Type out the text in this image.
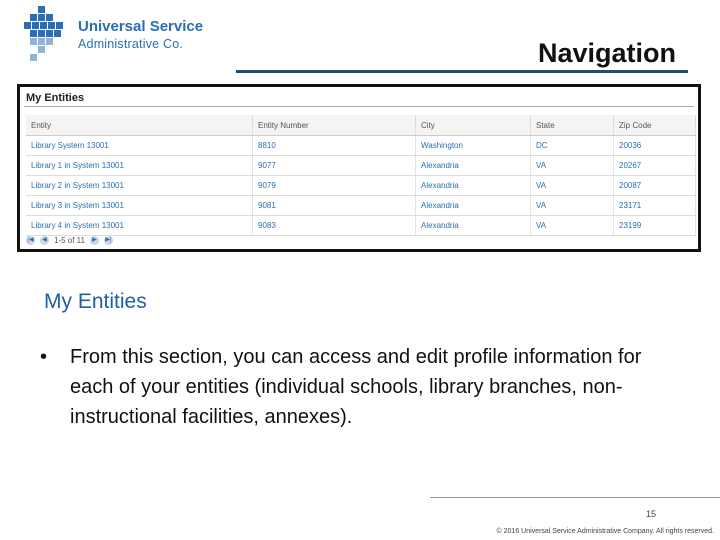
Universal Service
Administrative Co.	Navigation
My Entities
Entity	Entity Number	City	State	Zip Code
Library System 13001	8810	Washington	DC	20036
Library 1 in System 13001	9077	Alexandria	VA	20267
Library 2 in System 13001	9079	Alexandria	VA	20087
Library 3 in System 13001	9081	Alexandria	VA	23171
Library 4 in System 13001	9083	Alexandria	VA	23199
|◀	◀ 1-5 of 11	▶	▶|
My Entities
• From this section, you can access and edit profile information for each of your entities (individual schools, library branches, non-instructional facilities, annexes).
15
© 2016 Universal Service Administrative Company. All rights reserved.
